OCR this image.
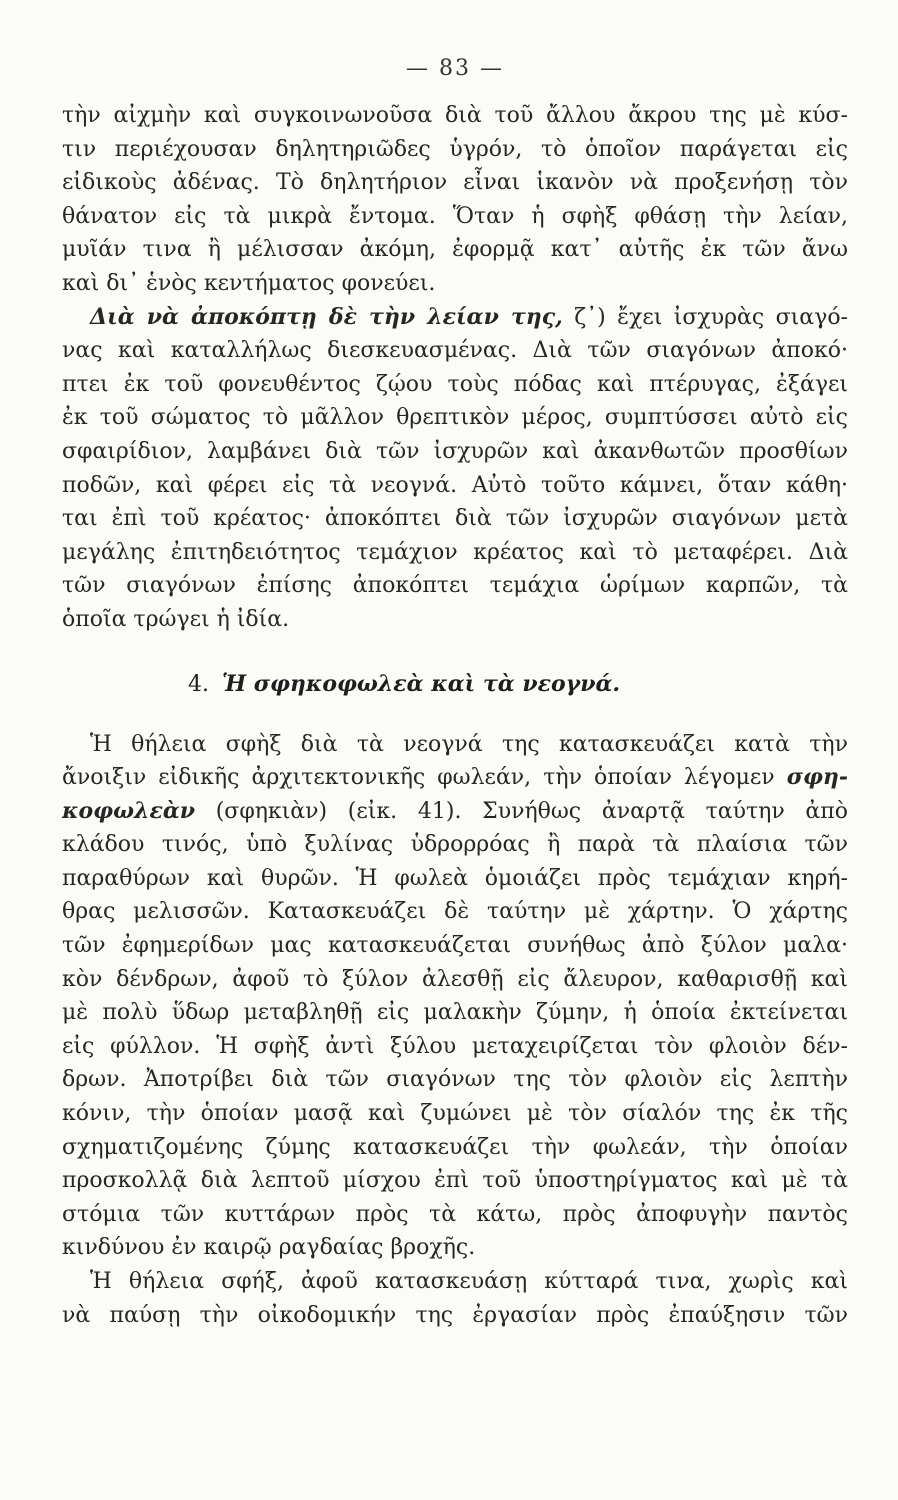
— 83 —
τὴν αἰχμὴν καὶ συγκοινωνοῦσα διὰ τοῦ ἄλλου ἄκρου της μὲ κύσ-
τιν περιέχουσαν δηλητηριῶδες ὑγρόν, τὸ ὁποῖον παράγεται εἰς
εἰδικοὺς ἀδένας. Τὸ δηλητήριον εἶναι ἱκανὸν νὰ προξενήσῃ τὸν
θάνατον εἰς τὰ μικρὰ ἔντομα. Ὅταν ἡ σφὴξ φθάσῃ τὴν λείαν,
μυῖάν τινα ἢ μέλισσαν ἀκόμη, ἐφορμᾷ κατ᾽ αὐτῆς ἐκ τῶν ἄνω
καὶ δι᾽ ἑνὸς κεντήματος φονεύει.
Διὰ νὰ ἀποκόπτῃ δὲ τὴν λείαν της, ζ᾽) ἔχει ἰσχυρὰς σιαγό-
νας καὶ καταλλήλως διεσκευασμένας. Διὰ τῶν σιαγόνων ἀποκό·
πτει ἐκ τοῦ φονευθέντος ζῴου τοὺς πόδας καὶ πτέρυγας, ἐξάγει
ἐκ τοῦ σώματος τὸ μᾶλλον θρεπτικὸν μέρος, συμπτύσσει αὐτὸ εἰς
σφαιρίδιον, λαμβάνει διὰ τῶν ἰσχυρῶν καὶ ἀκανθωτῶν προσθίων
ποδῶν, καὶ φέρει εἰς τὰ νεογνά. Αὐτὸ τοῦτο κάμνει, ὅταν κάθη·
ται ἐπὶ τοῦ κρέατος· ἀποκόπτει διὰ τῶν ἰσχυρῶν σιαγόνων μετὰ
μεγάλης ἐπιτηδειότητος τεμάχιον κρέατος καὶ τὸ μεταφέρει. Διὰ
τῶν σιαγόνων ἐπίσης ἀποκόπτει τεμάχια ὡρίμων καρπῶν, τὰ
ὁποῖα τρώγει ἡ ἰδία.
4. Ἡ σφηκοφωλεὰ καὶ τὰ νεογνά.
Ἡ θήλεια σφὴξ διὰ τὰ νεογνά της κατασκευάζει κατὰ τὴν
ἄνοιξιν εἰδικῆς ἀρχιτεκτονικῆς φωλεάν, τὴν ὁποίαν λέγομεν σφη-
κοφωλεὰν (σφηκιὰν) (εἰκ. 41). Συνήθως ἀναρτᾷ ταύτην ἀπὸ
κλάδου τινός, ὑπὸ ξυλίνας ὑδρορρόας ἢ παρὰ τὰ πλαίσια τῶν
παραθύρων καὶ θυρῶν. Ἡ φωλεὰ ὁμοιάζει πρὸς τεμάχιαν κηρή-
θρας μελισσῶν. Κατασκευάζει δὲ ταύτην μὲ χάρτην. Ὁ χάρτης
τῶν ἐφημερίδων μας κατασκευάζεται συνήθως ἀπὸ ξύλον μαλα·
κὸν δένδρων, ἀφοῦ τὸ ξύλον ἀλεσθῇ εἰς ἄλευρον, καθαρισθῇ καὶ
μὲ πολὺ ὕδωρ μεταβληθῇ εἰς μαλακὴν ζύμην, ἡ ὁποία ἐκτείνεται
εἰς φύλλον. Ἡ σφὴξ ἀντὶ ξύλου μεταχειρίζεται τὸν φλοιὸν δέν-
δρων. Ἀποτρίβει διὰ τῶν σιαγόνων της τὸν φλοιὸν εἰς λεπτὴν
κόνιν, τὴν ὁποίαν μασᾷ καὶ ζυμώνει μὲ τὸν σίαλόν της ἐκ τῆς
σχηματιζομένης ζύμης κατασκευάζει τὴν φωλεάν, τὴν ὁποίαν
προσκολλᾷ διὰ λεπτοῦ μίσχου ἐπὶ τοῦ ὑποστηρίγματος καὶ μὲ τὰ
στόμια τῶν κυττάρων πρὸς τὰ κάτω, πρὸς ἀποφυγὴν παντὸς
κινδύνου ἐν καιρῷ ραγδαίας βροχῆς.
Ἡ θήλεια σφήξ, ἀφοῦ κατασκευάσῃ κύτταρά τινα, χωρὶς καὶ
νὰ παύσῃ τὴν οἰκοδομικήν της ἐργασίαν πρὸς ἐπαύξησιν τῶν
